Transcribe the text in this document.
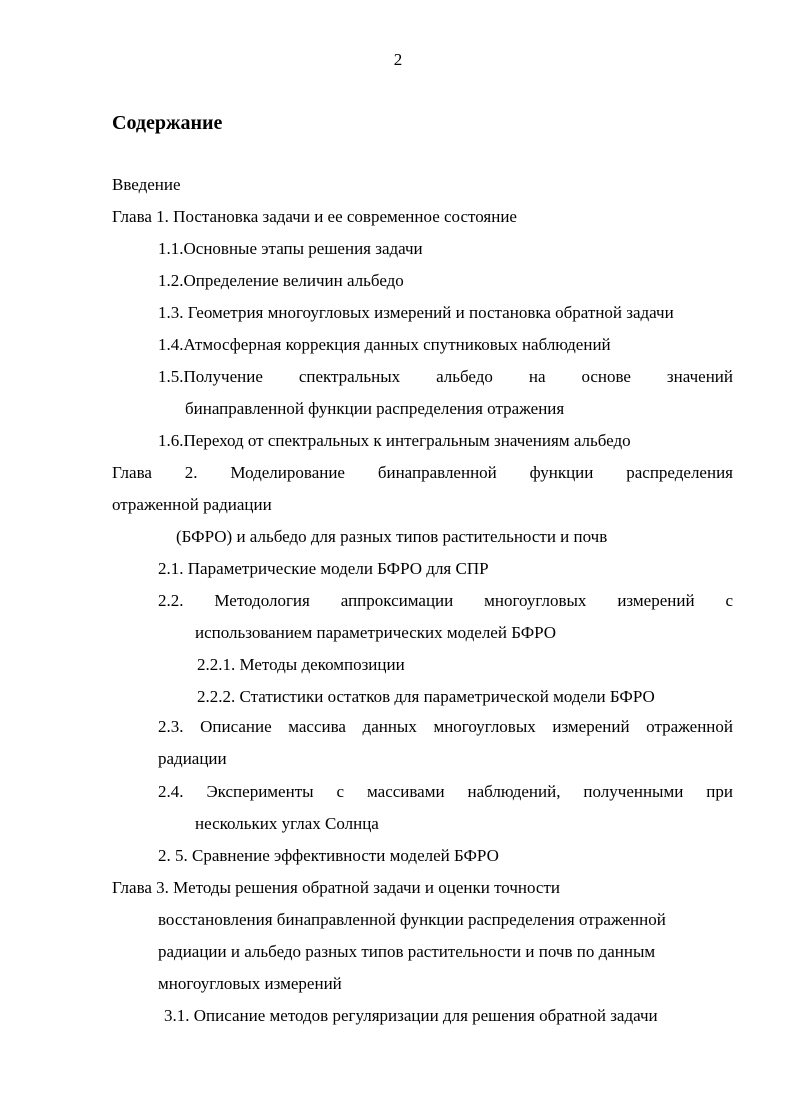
2
Содержание
Введение
Глава 1. Постановка задачи и ее современное состояние
1.1.Основные этапы решения задачи
1.2.Определение величин альбедо
1.3. Геометрия многоугловых измерений и постановка обратной задачи
1.4.Атмосферная коррекция данных спутниковых наблюдений
1.5.Получение спектральных альбедо на основе значений
бинаправленной функции распределения отражения
1.6.Переход от спектральных к интегральным значениям альбедо
Глава 2. Моделирование бинаправленной функции распределения
отраженной радиации
(БФРО) и альбедо для разных типов растительности и почв
2.1. Параметрические модели БФРО для СПР
2.2. Методология аппроксимации многоугловых измерений с
использованием параметрических моделей БФРО
2.2.1. Методы декомпозиции
2.2.2. Статистики остатков для параметрической модели БФРО
2.3. Описание массива данных многоугловых измерений отраженной
радиации
2.4. Эксперименты с массивами наблюдений, полученными при
нескольких углах Солнца
2. 5. Сравнение эффективности моделей БФРО
Глава 3. Методы решения обратной задачи и оценки точности
восстановления бинаправленной функции распределения отраженной
радиации и альбедо разных типов растительности и почв по данным
многоугловых измерений
3.1. Описание методов регуляризации для решения обратной задачи
